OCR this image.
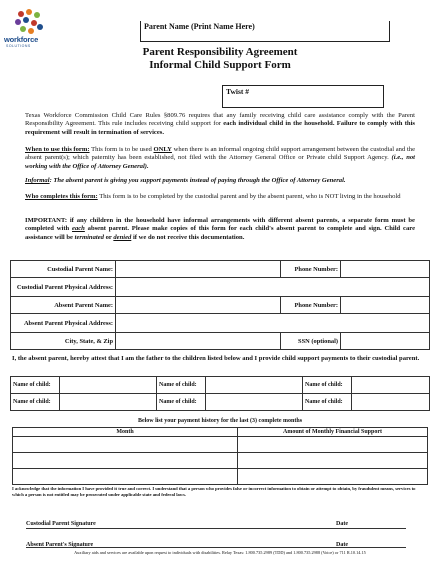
workforce
SOLUTIONS
Parent Name (Print Name Here)
Parent Responsibility Agreement
Informal Child Support Form
Twist #
Texas Workforce Commission Child Care Rules §809.76 requires that any family receiving child care assistance comply with the Parent Responsibility Agreement. This rule includes receiving child support for each individual child in the household. Failure to comply with this requirement will result in termination of services.
When to use this form: This form is to be used ONLY when there is an informal ongoing child support arrangement between the custodial and the absent parent(s); which paternity has been established, not filed with the Attorney General Office or Private child Support Agency. (i.e., not working with the Office of Attorney General).
Informal: The absent parent is giving you support payments instead of paying through the Office of Attorney General.
Who completes this form: This form is to be completed by the custodial parent and by the absent parent, who is NOT living in the household
IMPORTANT: if any children in the household have informal arrangements with different absent parents, a separate form must be completed with each absent parent. Please make copies of this form for each child's absent parent to complete and sign. Child care assistance will be terminated or denied if we do not receive this documentation.
Custodial Parent Name:		Phone Number:	
Custodial Parent Physical Address:			
Absent Parent Name:		Phone Number:	
Absent Parent Physical Address:			
City, State, & Zip		SSN (optional)	
I, the absent parent, hereby attest that I am the father to the children listed below and I provide child support payments to their custodial parent.
Name of child:		Name of child:		Name of child:	
Name of child:		Name of child:		Name of child:	
Below list your payment history for the last (3) complete months
Month	Amount of Monthly Financial Support

I acknowledge that the information I have provided it true and correct. I understand that a person who provides false or incorrect information to obtain or attempt to obtain, by fraudulent means, services to which a person is not entitled may be prosecuted under applicable state and federal laws.
Custodial Parent Signature	Date
Absent Parent's Signature	Date
Auxiliary aids and services are available upon request to individuals with disabilities. Relay Texas: 1.800.735.2989 (TDD) and 1.800.735.2988 (Voice) or 711 R.10.14.15
